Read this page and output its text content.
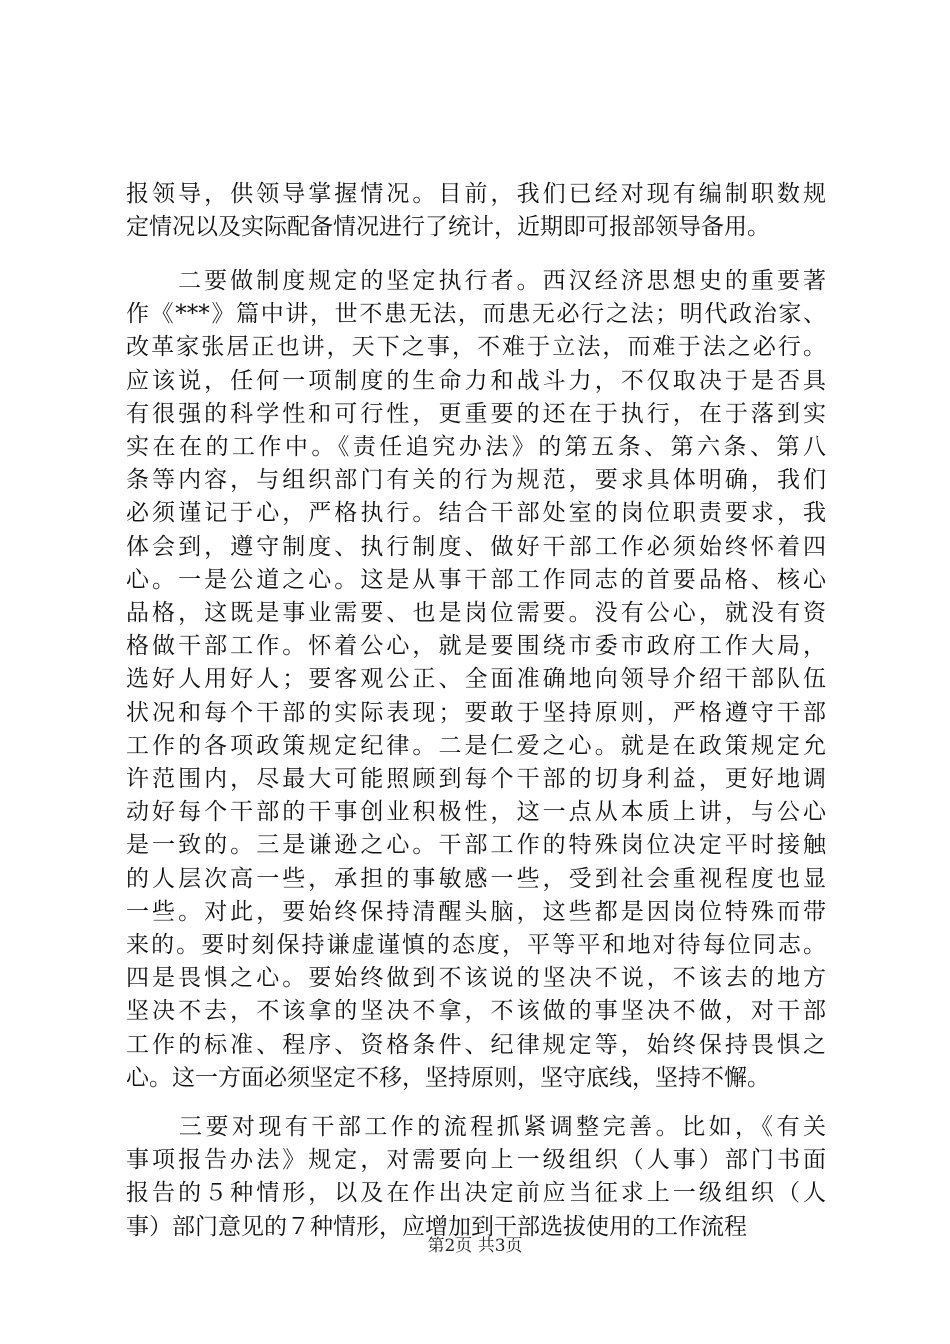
报领导，供领导掌握情况。目前，我们已经对现有编制职数规
定情况以及实际配备情况进行了统计，近期即可报部领导备用。
　　二要做制度规定的坚定执行者。西汉经济思想史的重要著
作《***》篇中讲，世不患无法，而患无必行之法；明代政治家、
改革家张居正也讲，天下之事，不难于立法，而难于法之必行。
应该说，任何一项制度的生命力和战斗力，不仅取决于是否具
有很强的科学性和可行性，更重要的还在于执行，在于落到实
实在在的工作中。《责任追究办法》的第五条、第六条、第八
条等内容，与组织部门有关的行为规范，要求具体明确，我们
必须谨记于心，严格执行。结合干部处室的岗位职责要求，我
体会到，遵守制度、执行制度、做好干部工作必须始终怀着四
心。一是公道之心。这是从事干部工作同志的首要品格、核心
品格，这既是事业需要、也是岗位需要。没有公心，就没有资
格做干部工作。怀着公心，就是要围绕市委市政府工作大局，
选好人用好人；要客观公正、全面准确地向领导介绍干部队伍
状况和每个干部的实际表现；要敢于坚持原则，严格遵守干部
工作的各项政策规定纪律。二是仁爱之心。就是在政策规定允
许范围内，尽最大可能照顾到每个干部的切身利益，更好地调
动好每个干部的干事创业积极性，这一点从本质上讲，与公心
是一致的。三是谦逊之心。干部工作的特殊岗位决定平时接触
的人层次高一些，承担的事敏感一些，受到社会重视程度也显
一些。对此，要始终保持清醒头脑，这些都是因岗位特殊而带
来的。要时刻保持谦虚谨慎的态度，平等平和地对待每位同志。
四是畏惧之心。要始终做到不该说的坚决不说，不该去的地方
坚决不去，不该拿的坚决不拿，不该做的事坚决不做，对干部
工作的标准、程序、资格条件、纪律规定等，始终保持畏惧之
心。这一方面必须坚定不移，坚持原则，坚守底线，坚持不懈。
　　三要对现有干部工作的流程抓紧调整完善。比如，《有关
事项报告办法》规定，对需要向上一级组织（人事）部门书面
报告的５种情形，以及在作出决定前应当征求上一级组织（人
事）部门意见的７种情形，应增加到干部选拔使用的工作流程
第2页 共3页
